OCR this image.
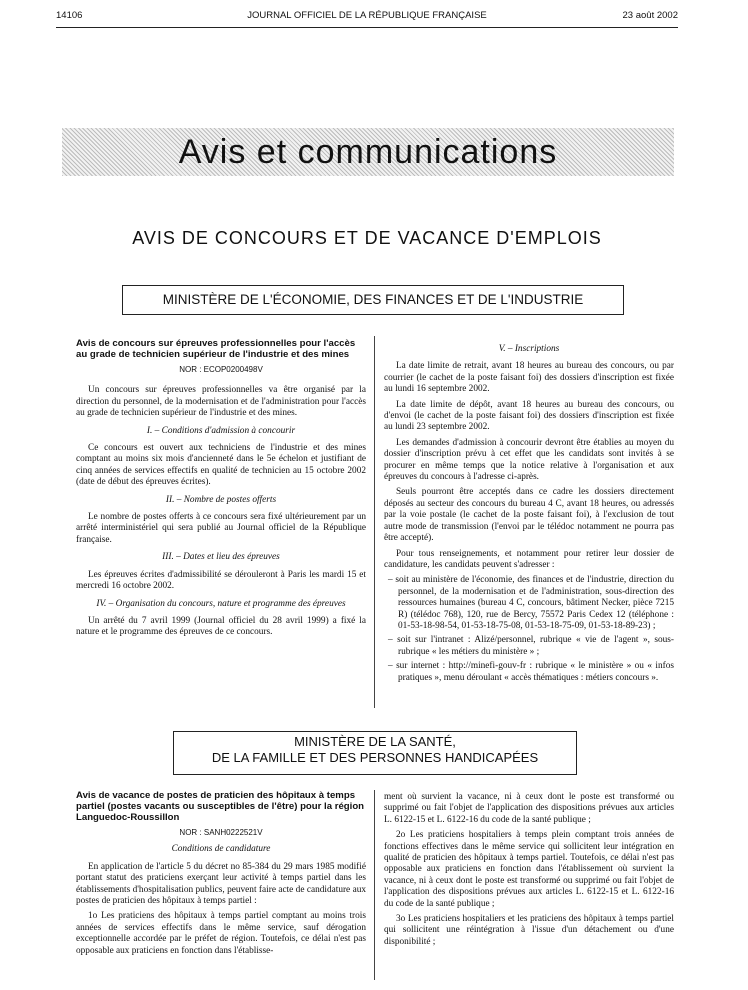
14106	JOURNAL OFFICIEL DE LA RÉPUBLIQUE FRANÇAISE	23 août 2002
Avis et communications
AVIS DE CONCOURS ET DE VACANCE D'EMPLOIS
MINISTÈRE DE L'ÉCONOMIE, DES FINANCES ET DE L'INDUSTRIE

Avis de concours sur épreuves professionnelles pour l'accès au grade de technicien supérieur de l'industrie et des mines

NOR : ECOP0200498V

Un concours sur épreuves professionnelles va être organisé par la direction du personnel, de la modernisation et de l'administration pour l'accès au grade de technicien supérieur de l'industrie et des mines.

I. – Conditions d'admission à concourir

Ce concours est ouvert aux techniciens de l'industrie et des mines comptant au moins six mois d'ancienneté dans le 5e échelon et justifiant de cinq années de services effectifs en qualité de technicien au 15 octobre 2002 (date de début des épreuves écrites).

II. – Nombre de postes offerts

Le nombre de postes offerts à ce concours sera fixé ultérieurement par un arrêté interministériel qui sera publié au Journal officiel de la République française.

III. – Dates et lieu des épreuves

Les épreuves écrites d'admissibilité se dérouleront à Paris les mardi 15 et mercredi 16 octobre 2002.

IV. – Organisation du concours, nature et programme des épreuves

Un arrêté du 7 avril 1999 (Journal officiel du 28 avril 1999) a fixé la nature et le programme des épreuves de ce concours.

V. – Inscriptions

La date limite de retrait, avant 18 heures au bureau des concours, ou par courrier (le cachet de la poste faisant foi) des dossiers d'inscription est fixée au lundi 16 septembre 2002.

La date limite de dépôt, avant 18 heures au bureau des concours, ou d'envoi (le cachet de la poste faisant foi) des dossiers d'inscription est fixée au lundi 23 septembre 2002.

Les demandes d'admission à concourir devront être établies au moyen du dossier d'inscription prévu à cet effet que les candidats sont invités à se procurer en même temps que la notice relative à l'organisation et aux épreuves du concours à l'adresse ci-après.

Seuls pourront être acceptés dans ce cadre les dossiers directement déposés au secteur des concours du bureau 4 C, avant 18 heures, ou adressés par la voie postale (le cachet de la poste faisant foi), à l'exclusion de tout autre mode de transmission (l'envoi par le télédoc notamment ne pourra pas être accepté).

Pour tous renseignements, et notamment pour retirer leur dossier de candidature, les candidats peuvent s'adresser :

– soit au ministère de l'économie, des finances et de l'industrie, direction du personnel, de la modernisation et de l'administration, sous-direction des ressources humaines (bureau 4 C, concours, bâtiment Necker, pièce 7215 R) (télédoc 768), 120, rue de Bercy, 75572 Paris Cedex 12 (téléphone : 01-53-18-98-54, 01-53-18-75-08, 01-53-18-75-09, 01-53-18-89-23) ;
– soit sur l'intranet : Alizé/personnel, rubrique « vie de l'agent », sous-rubrique « les métiers du ministère » ;
– sur internet : http://minefi-gouv-fr : rubrique « le ministère » ou « infos pratiques », menu déroulant « accès thématiques : métiers concours ».
MINISTÈRE DE LA SANTÉ,
DE LA FAMILLE ET DES PERSONNES HANDICAPÉES

Avis de vacance de postes de praticien des hôpitaux à temps partiel (postes vacants ou susceptibles de l'être) pour la région Languedoc-Roussillon

NOR : SANH0222521V

Conditions de candidature

En application de l'article 5 du décret no 85-384 du 29 mars 1985 modifié portant statut des praticiens exerçant leur activité à temps partiel dans les établissements d'hospitalisation publics, peuvent faire acte de candidature aux postes de praticien des hôpitaux à temps partiel :

1o Les praticiens des hôpitaux à temps partiel comptant au moins trois années de services effectifs dans le même service, sauf dérogation exceptionnelle accordée par le préfet de région. Toutefois, ce délai n'est pas opposable aux praticiens en fonction dans l'établisse-

ment où survient la vacance, ni à ceux dont le poste est transformé ou supprimé ou fait l'objet de l'application des dispositions prévues aux articles L. 6122-15 et L. 6122-16 du code de la santé publique ;

2o Les praticiens hospitaliers à temps plein comptant trois années de fonctions effectives dans le même service qui sollicitent leur intégration en qualité de praticien des hôpitaux à temps partiel. Toutefois, ce délai n'est pas opposable aux praticiens en fonction dans l'établissement où survient la vacance, ni à ceux dont le poste est transformé ou supprimé ou fait l'objet de l'application des dispositions prévues aux articles L. 6122-15 et L. 6122-16 du code de la santé publique ;

3o Les praticiens hospitaliers et les praticiens des hôpitaux à temps partiel qui sollicitent une réintégration à l'issue d'un détachement ou d'une disponibilité ;
